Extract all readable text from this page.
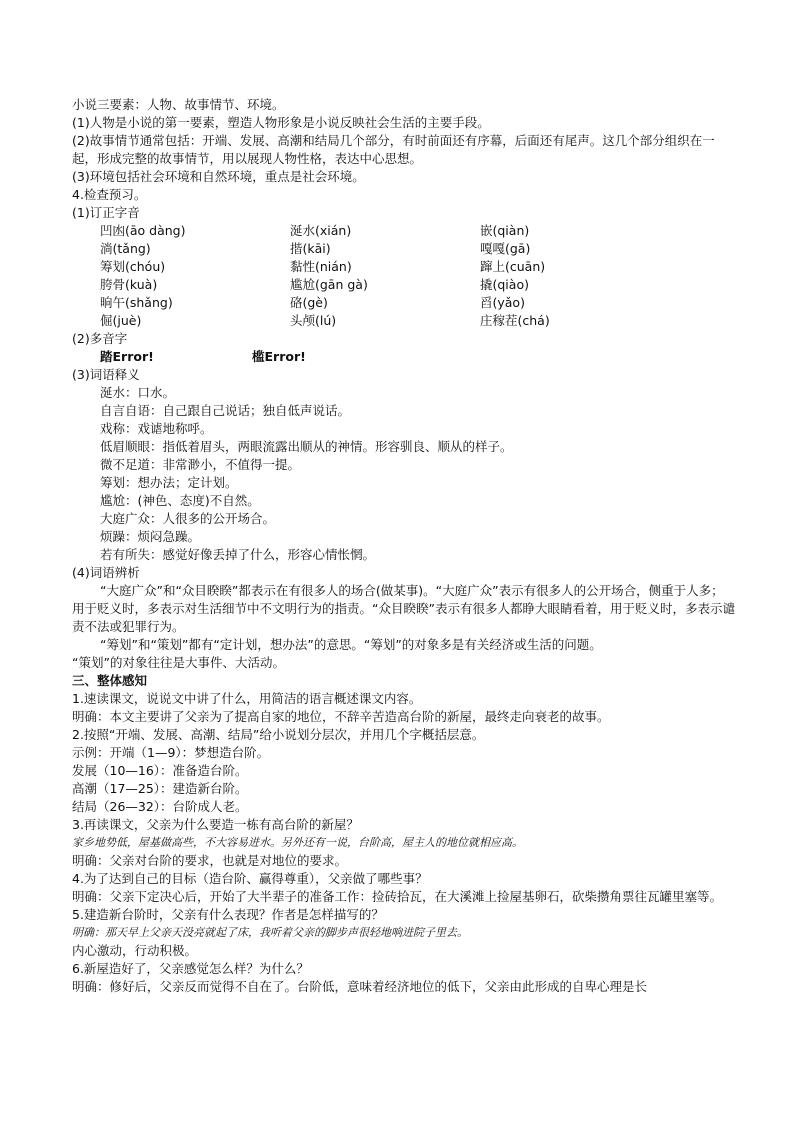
小说三要素：人物、故事情节、环境。
(1)人物是小说的第一要素，塑造人物形象是小说反映社会生活的主要手段。
(2)故事情节通常包括：开端、发展、高潮和结局几个部分，有时前面还有序幕，后面还有尾声。这几个部分组织在一起，形成完整的故事情节，用以展现人物性格，表达中心思想。
(3)环境包括社会环境和自然环境，重点是社会环境。
4.检查预习。
(1)订正字音
凹凼(āo dàng)	涎水(xián)	嵌(qiàn)
淌(tǎng)	揩(kāi)	嘎嘎(gā)
筹划(chóu)	黏性(nián)	蹿上(cuān)
胯骨(kuà)	尴尬(gān gà)	撬(qiào)
晌午(shǎng)	硌(gè)	舀(yǎo)
倔(juè)	头颅(lú)	庄稼茬(chá)
(2)多音字
踏Error!	槛Error!
(3)词语释义
涎水：口水。
自言自语：自己跟自己说话；独自低声说话。
戏称：戏谑地称呼。
低眉顺眼：指低着眉头，两眼流露出顺从的神情。形容驯良、顺从的样子。
微不足道：非常渺小，不值得一提。
筹划：想办法；定计划。
尴尬：(神色、态度)不自然。
大庭广众：人很多的公开场合。
烦躁：烦闷急躁。
若有所失：感觉好像丢掉了什么，形容心情怅惘。
(4)词语辨析
“大庭广众”和“众目睽睽”都表示在有很多人的场合(做某事)。“大庭广众”表示有很多人的公开场合，侧重于人多；用于贬义时，多表示对生活细节中不文明行为的指责。“众目睽睽”表示有很多人都睁大眼睛看着，用于贬义时，多表示谴责不法或犯罪行为。
“筹划”和“策划”都有“定计划，想办法”的意思。“筹划”的对象多是有关经济或生活的问题。
“策划”的对象往往是大事件、大活动。
三、整体感知
1.速读课文，说说文中讲了什么，用简洁的语言概述课文内容。
明确：本文主要讲了父亲为了提高自家的地位，不辞辛苦造高台阶的新屋，最终走向衰老的故事。
2.按照“开端、发展、高潮、结局”给小说划分层次，并用几个字概括层意。
示例：开端（1—9）：梦想造台阶。
发展（10—16）：准备造台阶。
高潮（17—25）：建造新台阶。
结局（26—32）：台阶成人老。
3.再读课文，父亲为什么要造一栋有高台阶的新屋？
家乡地势低，屋基做高些，不大容易进水。另外还有一说，台阶高，屋主人的地位就相应高。
明确：父亲对台阶的要求，也就是对地位的要求。
4.为了达到自己的目标（造台阶、赢得尊重），父亲做了哪些事？
明确：父亲下定决心后，开始了大半辈子的准备工作：捡砖拾瓦，在大溪滩上捡屋基卵石，砍柴攒角票往瓦罐里塞等。
5.建造新台阶时，父亲有什么表现？作者是怎样描写的？
明确：那天早上父亲天没亮就起了床，我听着父亲的脚步声很轻地响进院子里去。
内心激动，行动积极。
6.新屋造好了，父亲感觉怎么样？为什么？
明确：修好后，父亲反而觉得不自在了。台阶低，意味着经济地位的低下，父亲由此形成的自卑心理是长
